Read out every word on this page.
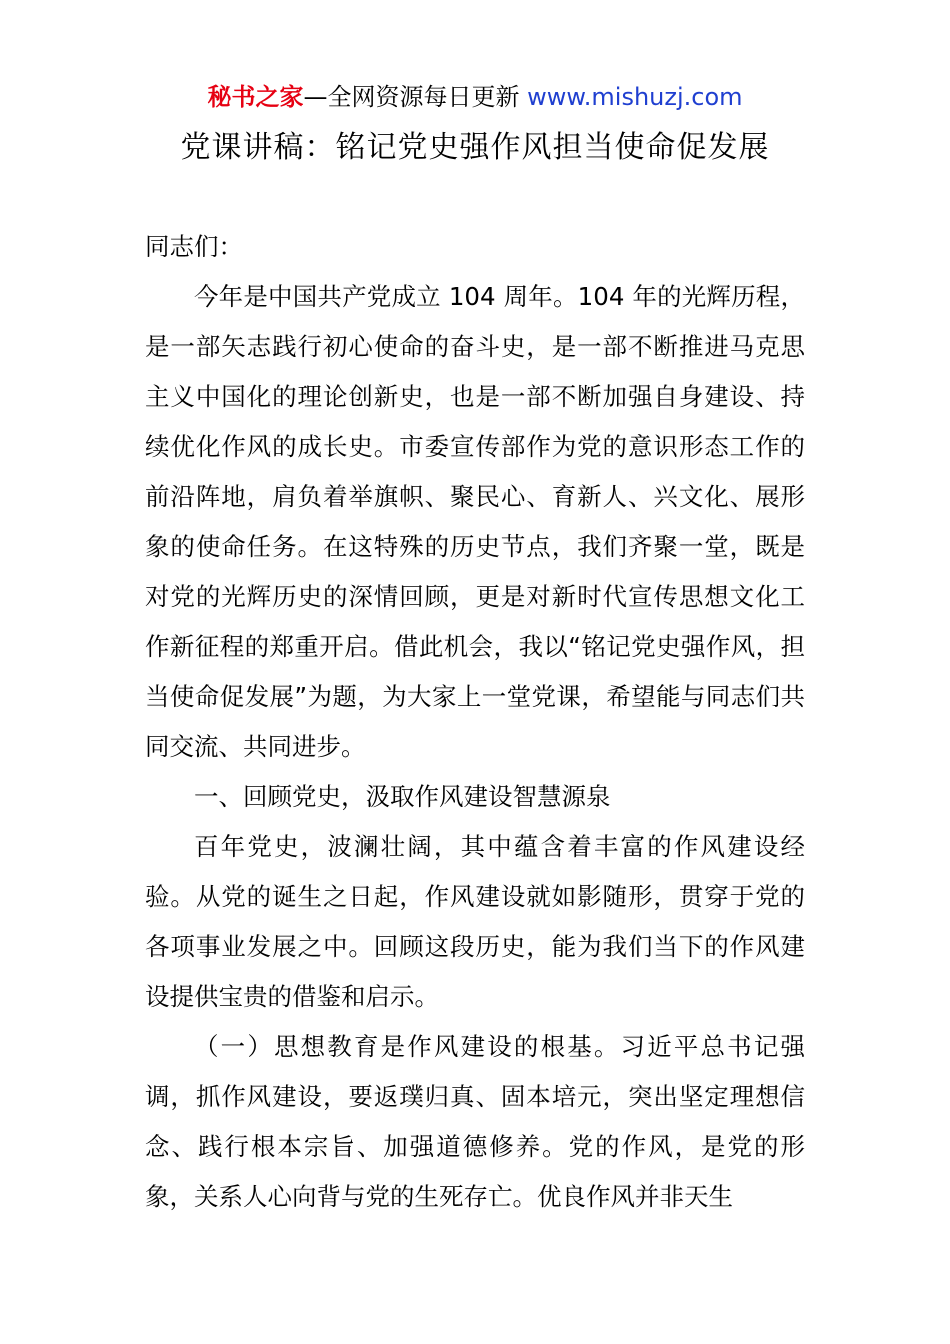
秘书之家—全网资源每日更新 www.mishuzj.com
党课讲稿：铭记党史强作风担当使命促发展

同志们：

今年是中国共产党成立 104 周年。104 年的光辉历程，是一部矢志践行初心使命的奋斗史，是一部不断推进马克思主义中国化的理论创新史，也是一部不断加强自身建设、持续优化作风的成长史。市委宣传部作为党的意识形态工作的前沿阵地，肩负着举旗帜、聚民心、育新人、兴文化、展形象的使命任务。在这特殊的历史节点，我们齐聚一堂，既是对党的光辉历史的深情回顾，更是对新时代宣传思想文化工作新征程的郑重开启。借此机会，我以“铭记党史强作风，担当使命促发展”为题，为大家上一堂党课，希望能与同志们共同交流、共同进步。

一、回顾党史，汲取作风建设智慧源泉

百年党史，波澜壮阔，其中蕴含着丰富的作风建设经验。从党的诞生之日起，作风建设就如影随形，贯穿于党的各项事业发展之中。回顾这段历史，能为我们当下的作风建设提供宝贵的借鉴和启示。

（一）思想教育是作风建设的根基。习近平总书记强调，抓作风建设，要返璞归真、固本培元，突出坚定理想信念、践行根本宗旨、加强道德修养。党的作风，是党的形象，关系人心向背与党的生死存亡。优良作风并非天生
